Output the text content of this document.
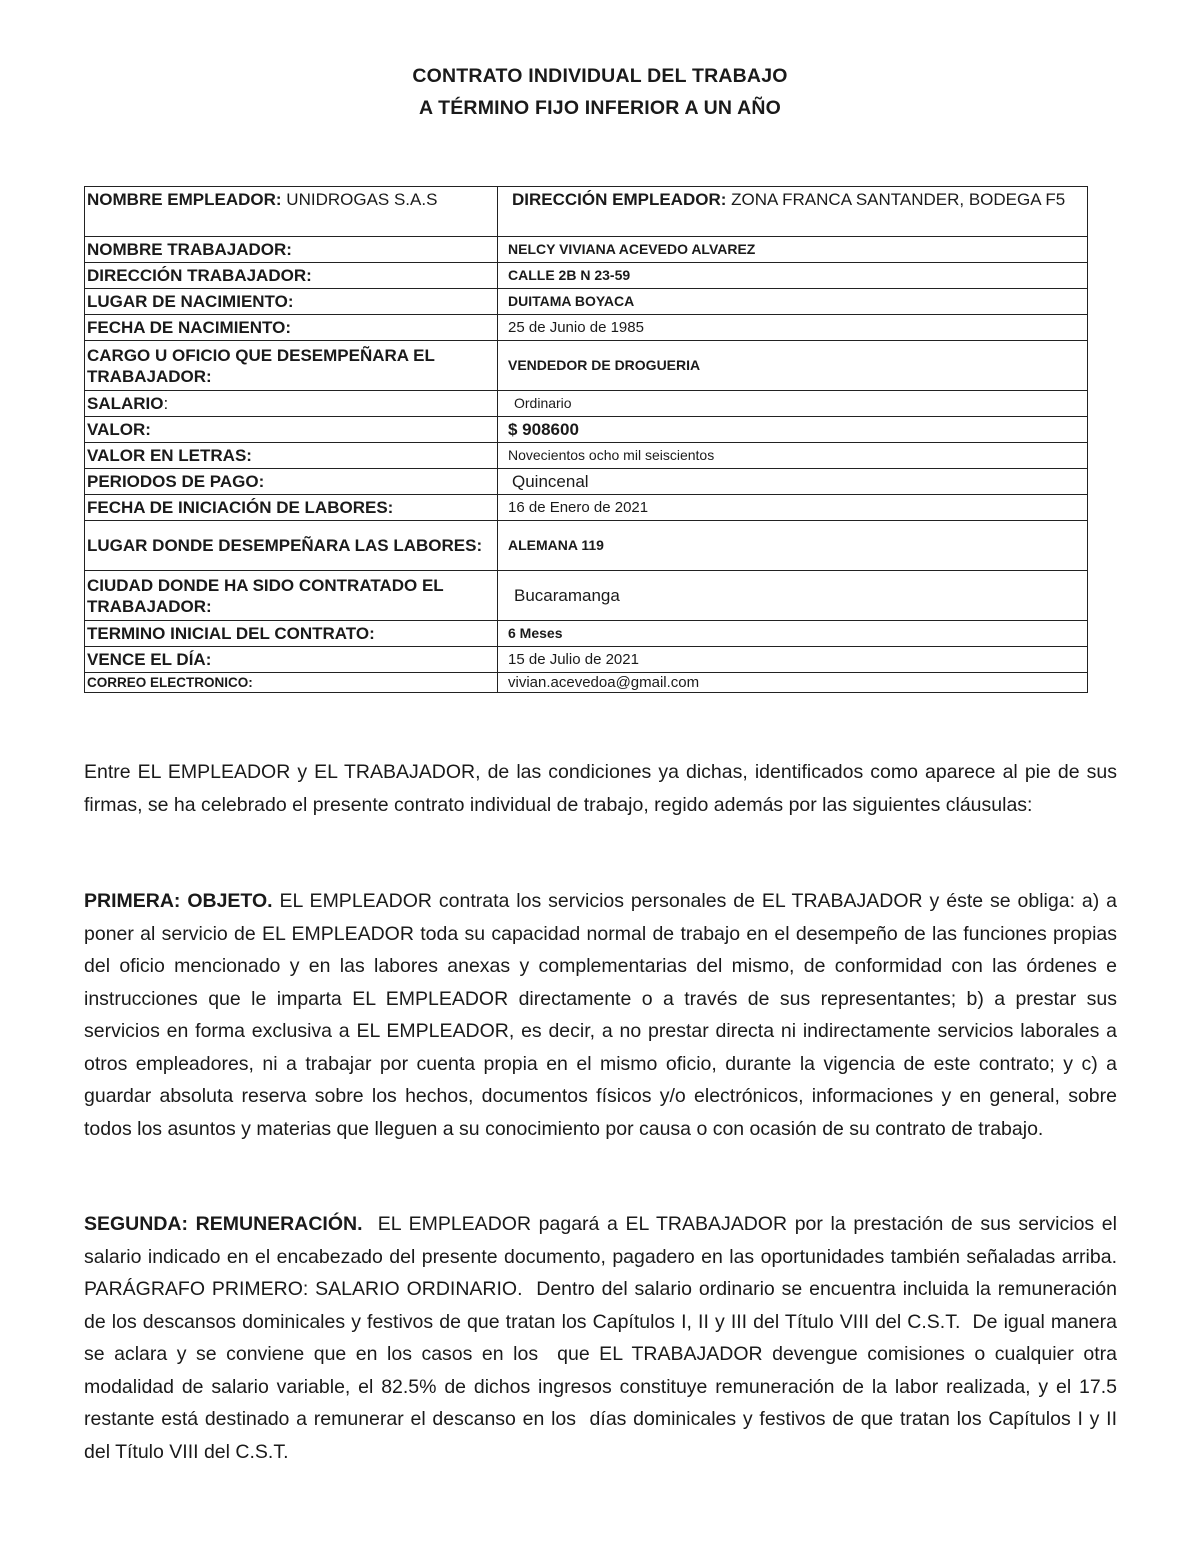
CONTRATO INDIVIDUAL DEL TRABAJO
A TÉRMINO FIJO INFERIOR A UN AÑO
NOMBRE EMPLEADOR: UNIDROGAS S.A.S	DIRECCIÓN EMPLEADOR: ZONA FRANCA SANTANDER, BODEGA F5
NOMBRE TRABAJADOR:	NELCY VIVIANA ACEVEDO ALVAREZ
DIRECCIÓN TRABAJADOR:	CALLE 2B N 23-59
LUGAR DE NACIMIENTO:	DUITAMA BOYACA
FECHA DE NACIMIENTO:	25 de Junio de 1985
CARGO U OFICIO QUE DESEMPEÑARA EL TRABAJADOR:	VENDEDOR DE DROGUERIA
SALARIO:	Ordinario
VALOR:	$ 908600
VALOR EN LETRAS:	Novecientos ocho mil seiscientos
PERIODOS DE PAGO:	Quincenal
FECHA DE INICIACIÓN DE LABORES:	16 de Enero de 2021
LUGAR DONDE DESEMPEÑARA LAS LABORES:	ALEMANA 119
CIUDAD DONDE HA SIDO CONTRATADO EL TRABAJADOR:	Bucaramanga
TERMINO INICIAL DEL CONTRATO:	6 Meses
VENCE EL DÍA:	15 de Julio de 2021
CORREO ELECTRONICO:	vivian.acevedoa@gmail.com

Entre EL EMPLEADOR y EL TRABAJADOR, de las condiciones ya dichas, identificados como aparece al pie de sus firmas, se ha celebrado el presente contrato individual de trabajo, regido además por las siguientes cláusulas:

PRIMERA: OBJETO. EL EMPLEADOR contrata los servicios personales de EL TRABAJADOR y éste se obliga: a) a poner al servicio de EL EMPLEADOR toda su capacidad normal de trabajo en el desempeño de las funciones propias del oficio mencionado y en las labores anexas y complementarias del mismo, de conformidad con las órdenes e instrucciones que le imparta EL EMPLEADOR directamente o a través de sus representantes; b) a prestar sus servicios en forma exclusiva a EL EMPLEADOR, es decir, a no prestar directa ni indirectamente servicios laborales a otros empleadores, ni a trabajar por cuenta propia en el mismo oficio, durante la vigencia de este contrato; y c) a guardar absoluta reserva sobre los hechos, documentos físicos y/o electrónicos, informaciones y en general, sobre todos los asuntos y materias que lleguen a su conocimiento por causa o con ocasión de su contrato de trabajo.

SEGUNDA: REMUNERACIÓN.  EL EMPLEADOR pagará a EL TRABAJADOR por la prestación de sus servicios el salario indicado en el encabezado del presente documento, pagadero en las oportunidades también señaladas arriba.  PARÁGRAFO PRIMERO: SALARIO ORDINARIO.  Dentro del salario ordinario se encuentra incluida la remuneración de los descansos dominicales y festivos de que tratan los Capítulos I, II y III del Título VIII del C.S.T.  De igual manera se aclara y se conviene que en los casos en los  que EL TRABAJADOR devengue comisiones o cualquier otra modalidad de salario variable, el 82.5% de dichos ingresos constituye remuneración de la labor realizada, y el 17.5 restante está destinado a remunerar el descanso en los  días dominicales y festivos de que tratan los Capítulos I y II del Título VIII del C.S.T.
